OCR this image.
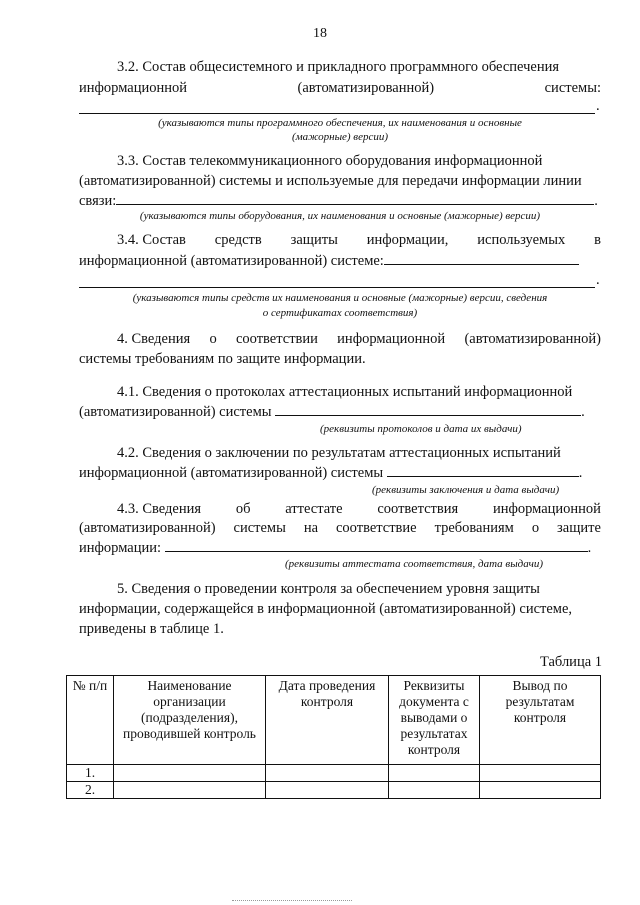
18
3.2. Состав общесистемного и прикладного программного обеспечения
информационной	(автоматизированной)	системы:
.
(указываются типы программного обеспечения, их наименования и основные
(мажорные) версии)
3.3. Состав телекоммуникационного оборудования информационной
(автоматизированной) системы и используемые для передачи информации линии
связи:	.
(указываются типы оборудования, их наименования и основные (мажорные) версии)
3.4. Состав средств защиты информации, используемых в
информационной (автоматизированной) системе:
.
(указываются типы средств их наименования и основные (мажорные) версии, сведения
о сертификатах соответствия)
4. Сведения о соответствии информационной (автоматизированной)
системы требованиям по защите информации.
4.1. Сведения о протоколах аттестационных испытаний информационной
(автоматизированной) системы	.
(реквизиты протоколов и дата их выдачи)
4.2. Сведения о заключении по результатам аттестационных испытаний
информационной (автоматизированной) системы	.
(реквизиты заключения и дата выдачи)
4.3. Сведения об аттестате соответствия информационной
(автоматизированной) системы на соответствие требованиям о защите
информации:	.
(реквизиты аттестата соответствия, дата выдачи)
5. Сведения о проведении контроля за обеспечением уровня защиты
информации, содержащейся в информационной (автоматизированной) системе,
приведены в таблице 1.
Таблица 1
№ п/п	Наименование организации (подразделения), проводившей контроль	Дата проведения контроля	Реквизиты документа с выводами о результатах контроля	Вывод по результатам контроля
1.				
2.				
